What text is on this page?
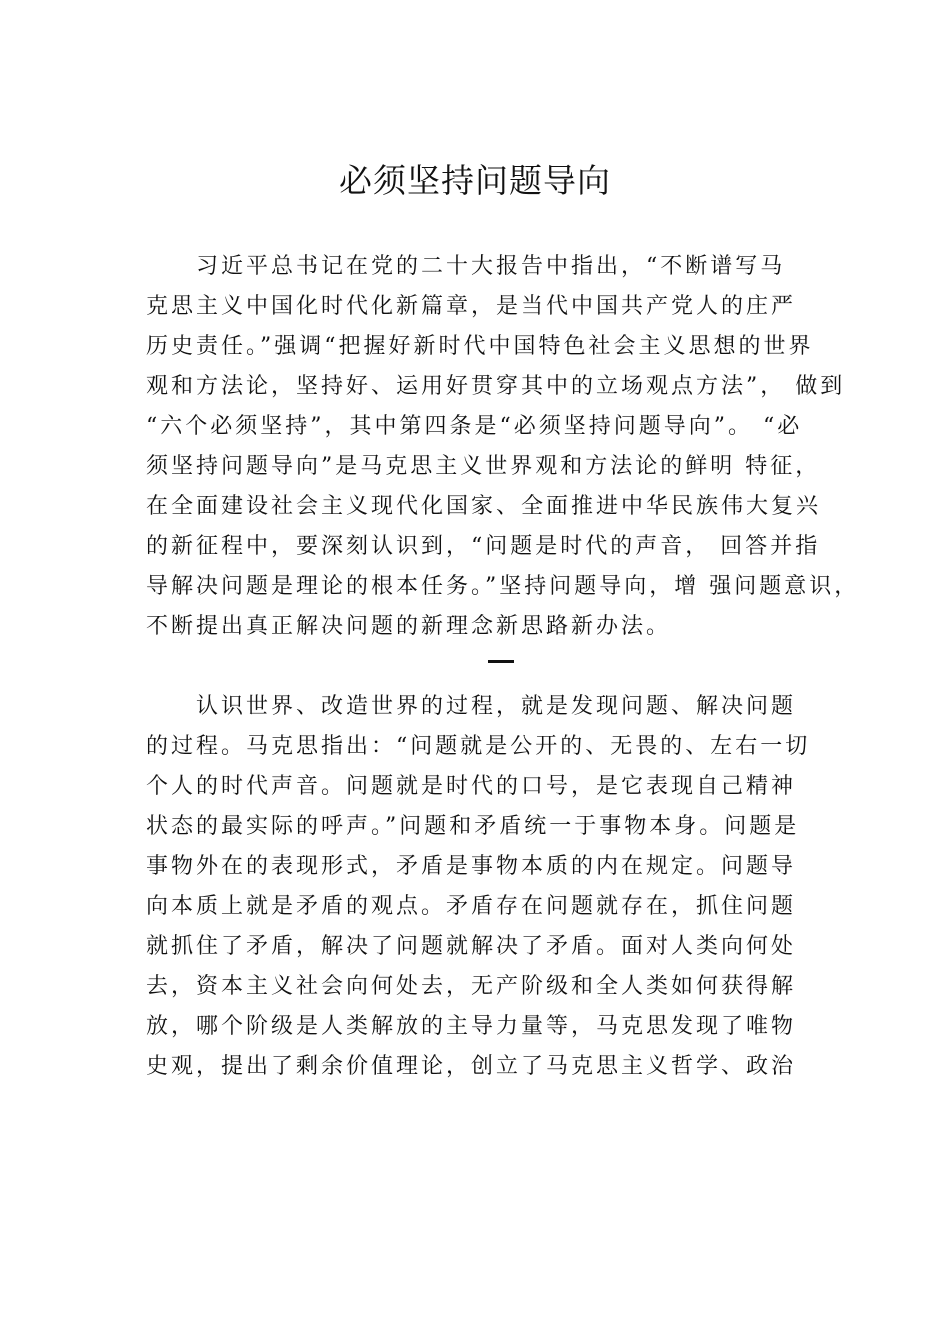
必须坚持问题导向
习近平总书记在党的二十大报告中指出，“不断谱写马
克思主义中国化时代化新篇章，是当代中国共产党人的庄严
历史责任。”强调“把握好新时代中国特色社会主义思想的世界
观和方法论，坚持好、运用好贯穿其中的立场观点方法”， 做到
“六个必须坚持”，其中第四条是“必须坚持问题导向”。 “必
须坚持问题导向”是马克思主义世界观和方法论的鲜明 特征，
在全面建设社会主义现代化国家、全面推进中华民族伟大复兴
的新征程中，要深刻认识到，“问题是时代的声音， 回答并指
导解决问题是理论的根本任务。”坚持问题导向，增 强问题意识，
不断提出真正解决问题的新理念新思路新办法。
认识世界、改造世界的过程，就是发现问题、解决问题
的过程。马克思指出：“问题就是公开的、无畏的、左右一切
个人的时代声音。问题就是时代的口号，是它表现自己精神
状态的最实际的呼声。”问题和矛盾统一于事物本身。问题是
事物外在的表现形式，矛盾是事物本质的内在规定。问题导
向本质上就是矛盾的观点。矛盾存在问题就存在，抓住问题
就抓住了矛盾，解决了问题就解决了矛盾。面对人类向何处
去，资本主义社会向何处去，无产阶级和全人类如何获得解
放，哪个阶级是人类解放的主导力量等，马克思发现了唯物
史观，提出了剩余价值理论，创立了马克思主义哲学、政治
